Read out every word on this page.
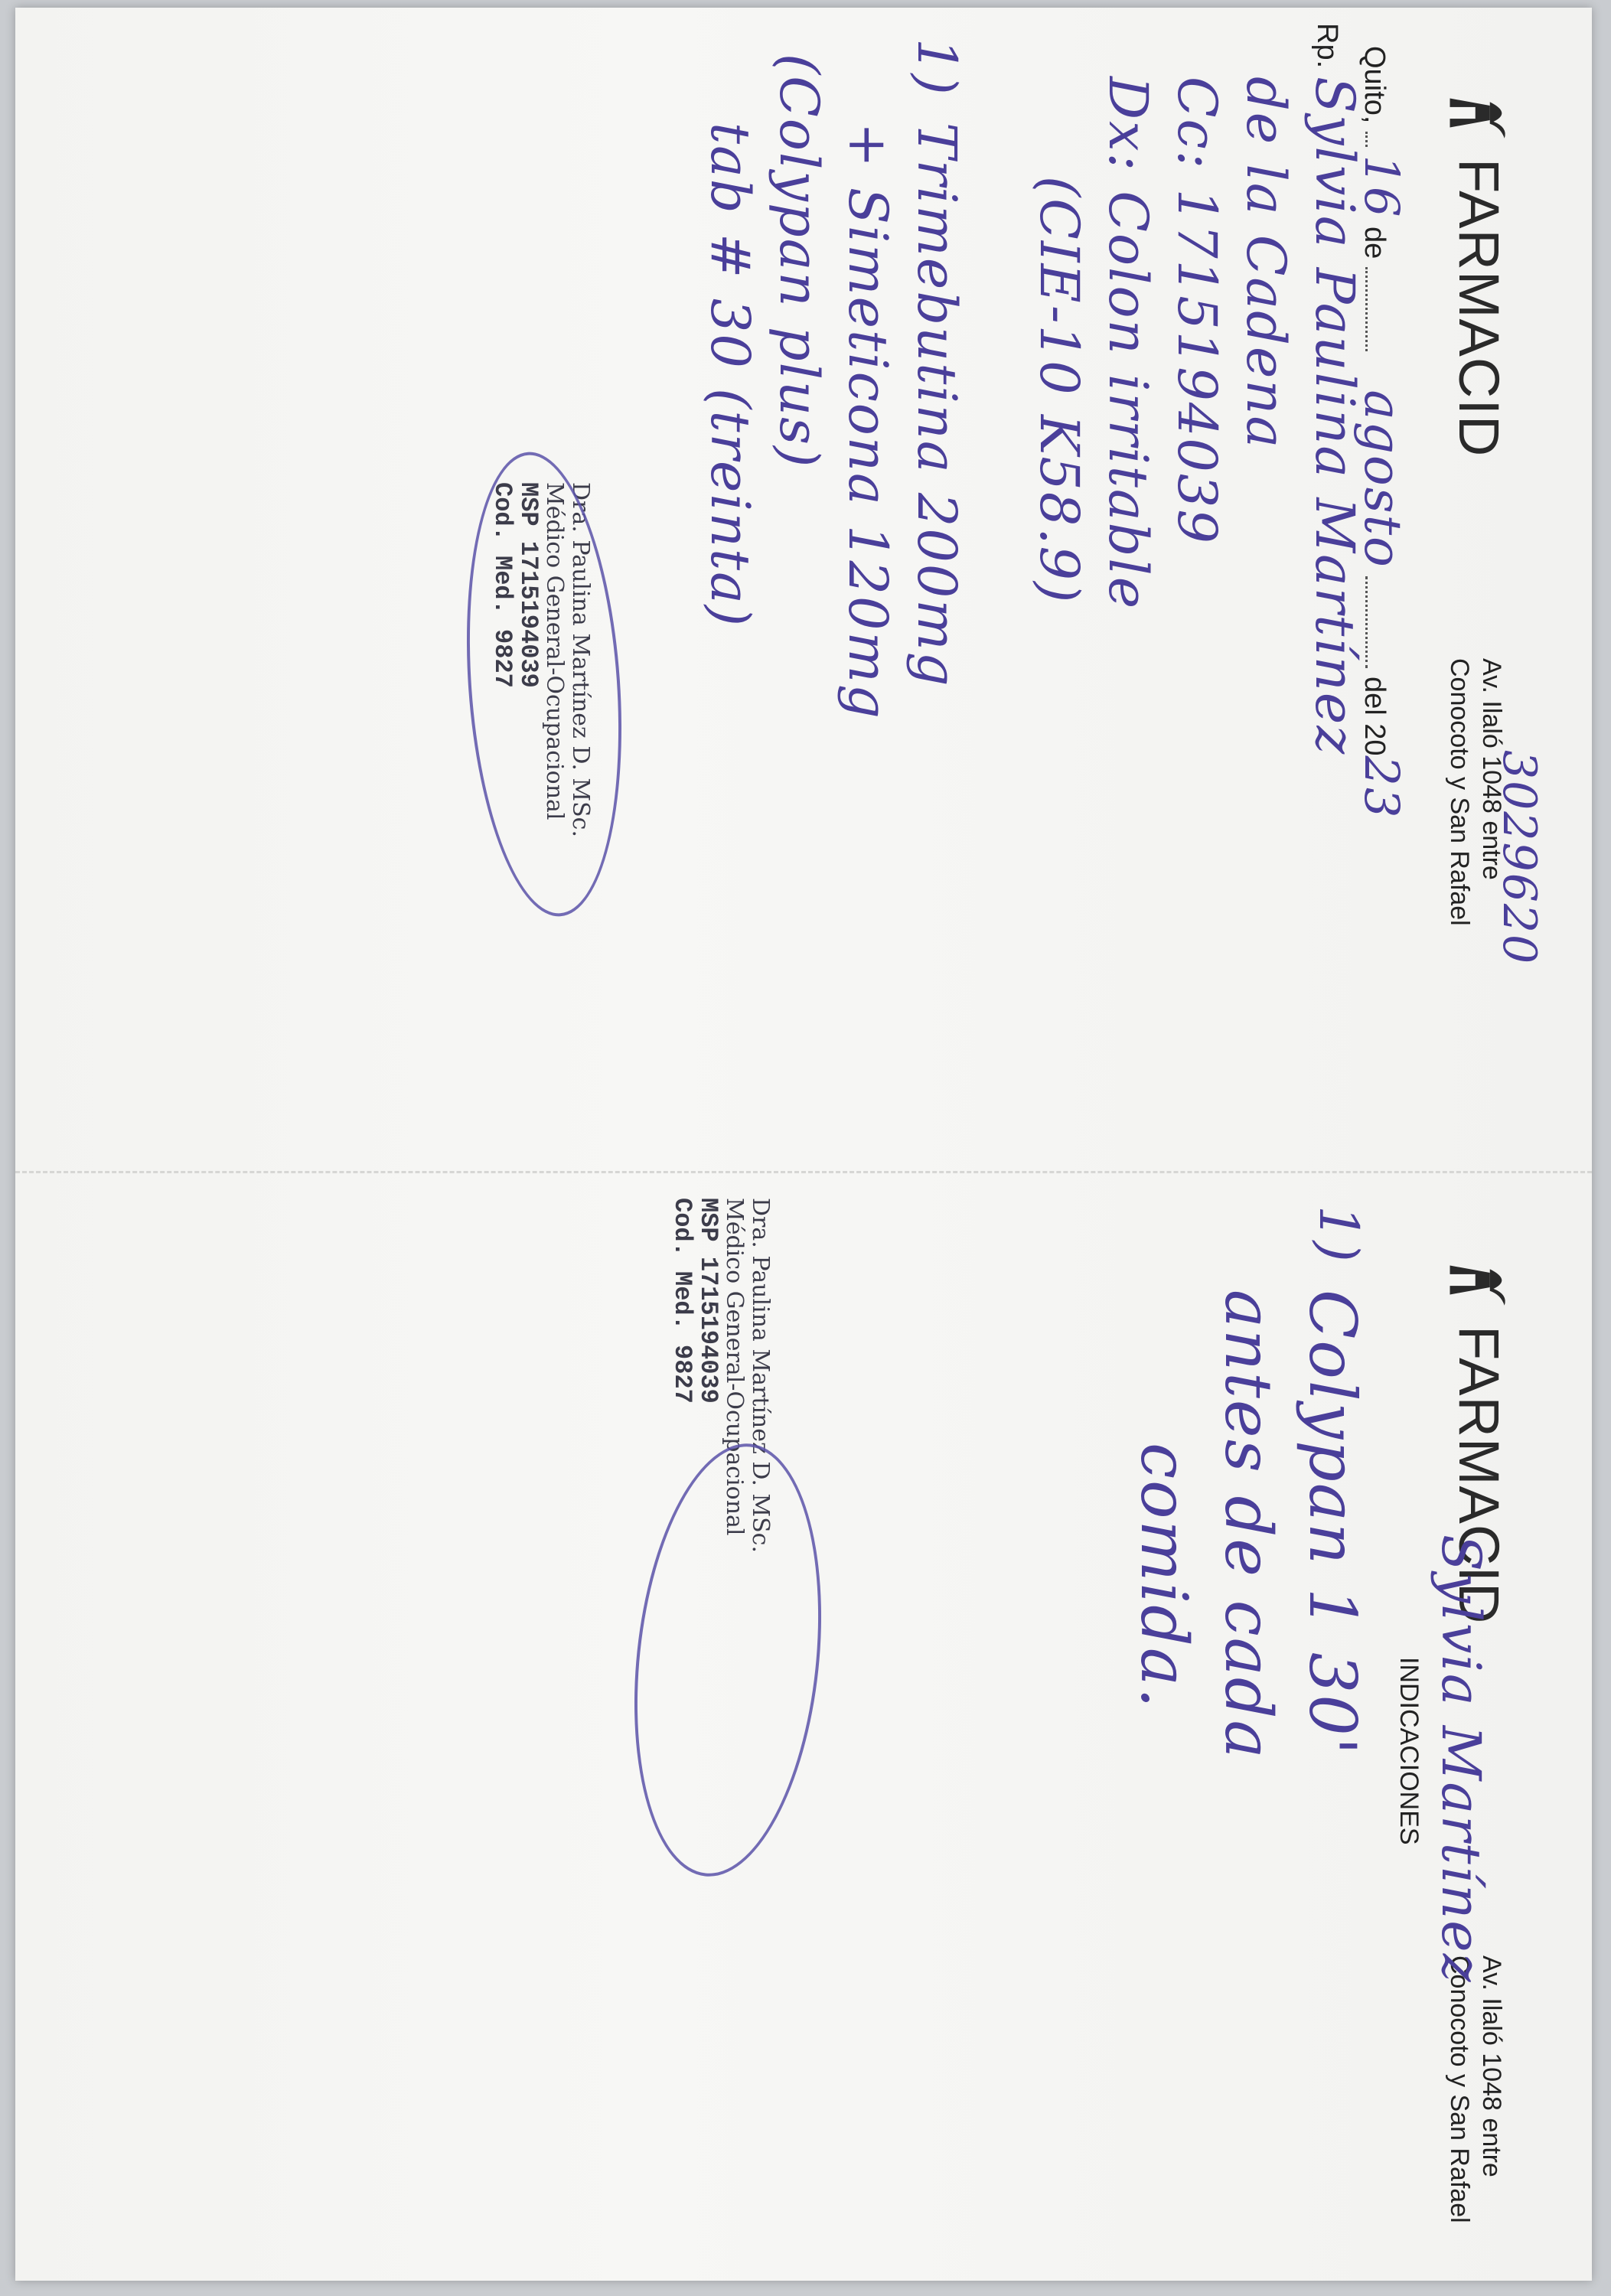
FARMACID
Av. Ilaló 1048 entre
Conocoto y San Rafael 3029620
Quito,  16 de  agosto  del 2023
Rp.
Sylvia Paulina Martínez
de la Cadena
Cc: 1715194039
Dx: Colon irritable
(CIE-10 K58.9)
1)
Trimebutina 200mg
+ Simeticona 120mg
(Colypan plus)
tab # 30 (treinta)
Dra. Paulina Martínez D. MSc.
Médico General-Ocupacional
MSP 1715194039
Cod. Med. 9827
FARMACID
Av. Ilaló 1048 entre
Conocoto y San Rafael
Sylvia Martínez
INDICACIONES
1)
Colypan 1 30'
antes de cada
comida.
Dra. Paulina Martínez D. MSc.
Médico General-Ocupacional
MSP 1715194039
Cod. Med. 9827
